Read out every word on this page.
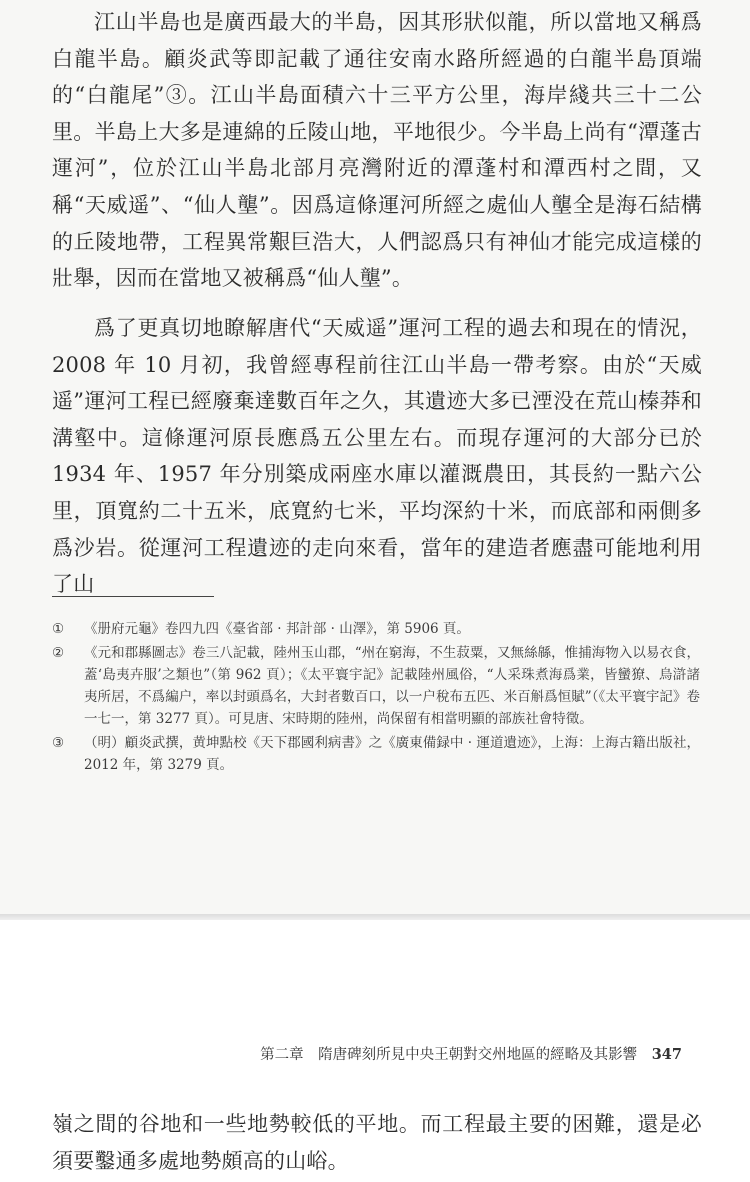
江山半島也是廣西最大的半島，因其形狀似龍，所以當地又稱爲白龍半島。顧炎武等即記載了通往安南水路所經過的白龍半島頂端的“白龍尾”③。江山半島面積六十三平方公里，海岸綫共三十二公里。半島上大多是連綿的丘陵山地，平地很少。今半島上尚有“潭蓬古運河”，位於江山半島北部月亮灣附近的潭蓬村和潭西村之間，又稱“天威遥”、“仙人壟”。因爲這條運河所經之處仙人壟全是海石結構的丘陵地帶，工程異常艱巨浩大，人們認爲只有神仙才能完成這樣的壯舉，因而在當地又被稱爲“仙人壟”。

爲了更真切地瞭解唐代“天威遥”運河工程的過去和現在的情況，2008 年 10 月初，我曾經專程前往江山半島一帶考察。由於“天威遥”運河工程已經廢棄達數百年之久，其遺迹大多已湮没在荒山榛莽和溝壑中。這條運河原長應爲五公里左右。而現存運河的大部分已於 1934 年、1957 年分別築成兩座水庫以灌溉農田，其長約一點六公里，頂寬約二十五米，底寬約七米，平均深約十米，而底部和兩側多爲沙岩。從運河工程遺迹的走向來看，當年的建造者應盡可能地利用了山

①	《册府元龜》卷四九四《臺省部 · 邦計部 · 山澤》，第 5906 頁。
②	《元和郡縣圖志》卷三八記載，陸州玉山郡，“州在窮海，不生菽粟，又無絲緜，惟捕海物入以易衣食，蓋‘島夷卉服’之類也”（第 962 頁）；《太平寰宇記》記載陸州風俗，“人采珠煮海爲業，皆蠻獠、烏滸諸夷所居，不爲編户，率以封頭爲名，大封者數百口，以一户稅布五匹、米百斛爲恒賦”（《太平寰宇記》卷一七一，第 3277 頁）。可見唐、宋時期的陸州，尚保留有相當明顯的部族社會特徵。
③	（明）顧炎武撰，黄坤點校《天下郡國利病書》之《廣東備録中 · 運道遺迹》，上海：上海古籍出版社，2012 年，第 3279 頁。
第二章　隋唐碑刻所見中央王朝對交州地區的經略及其影響 347

嶺之間的谷地和一些地勢較低的平地。而工程最主要的困難，還是必須要鑿通多處地勢頗高的山峪。
